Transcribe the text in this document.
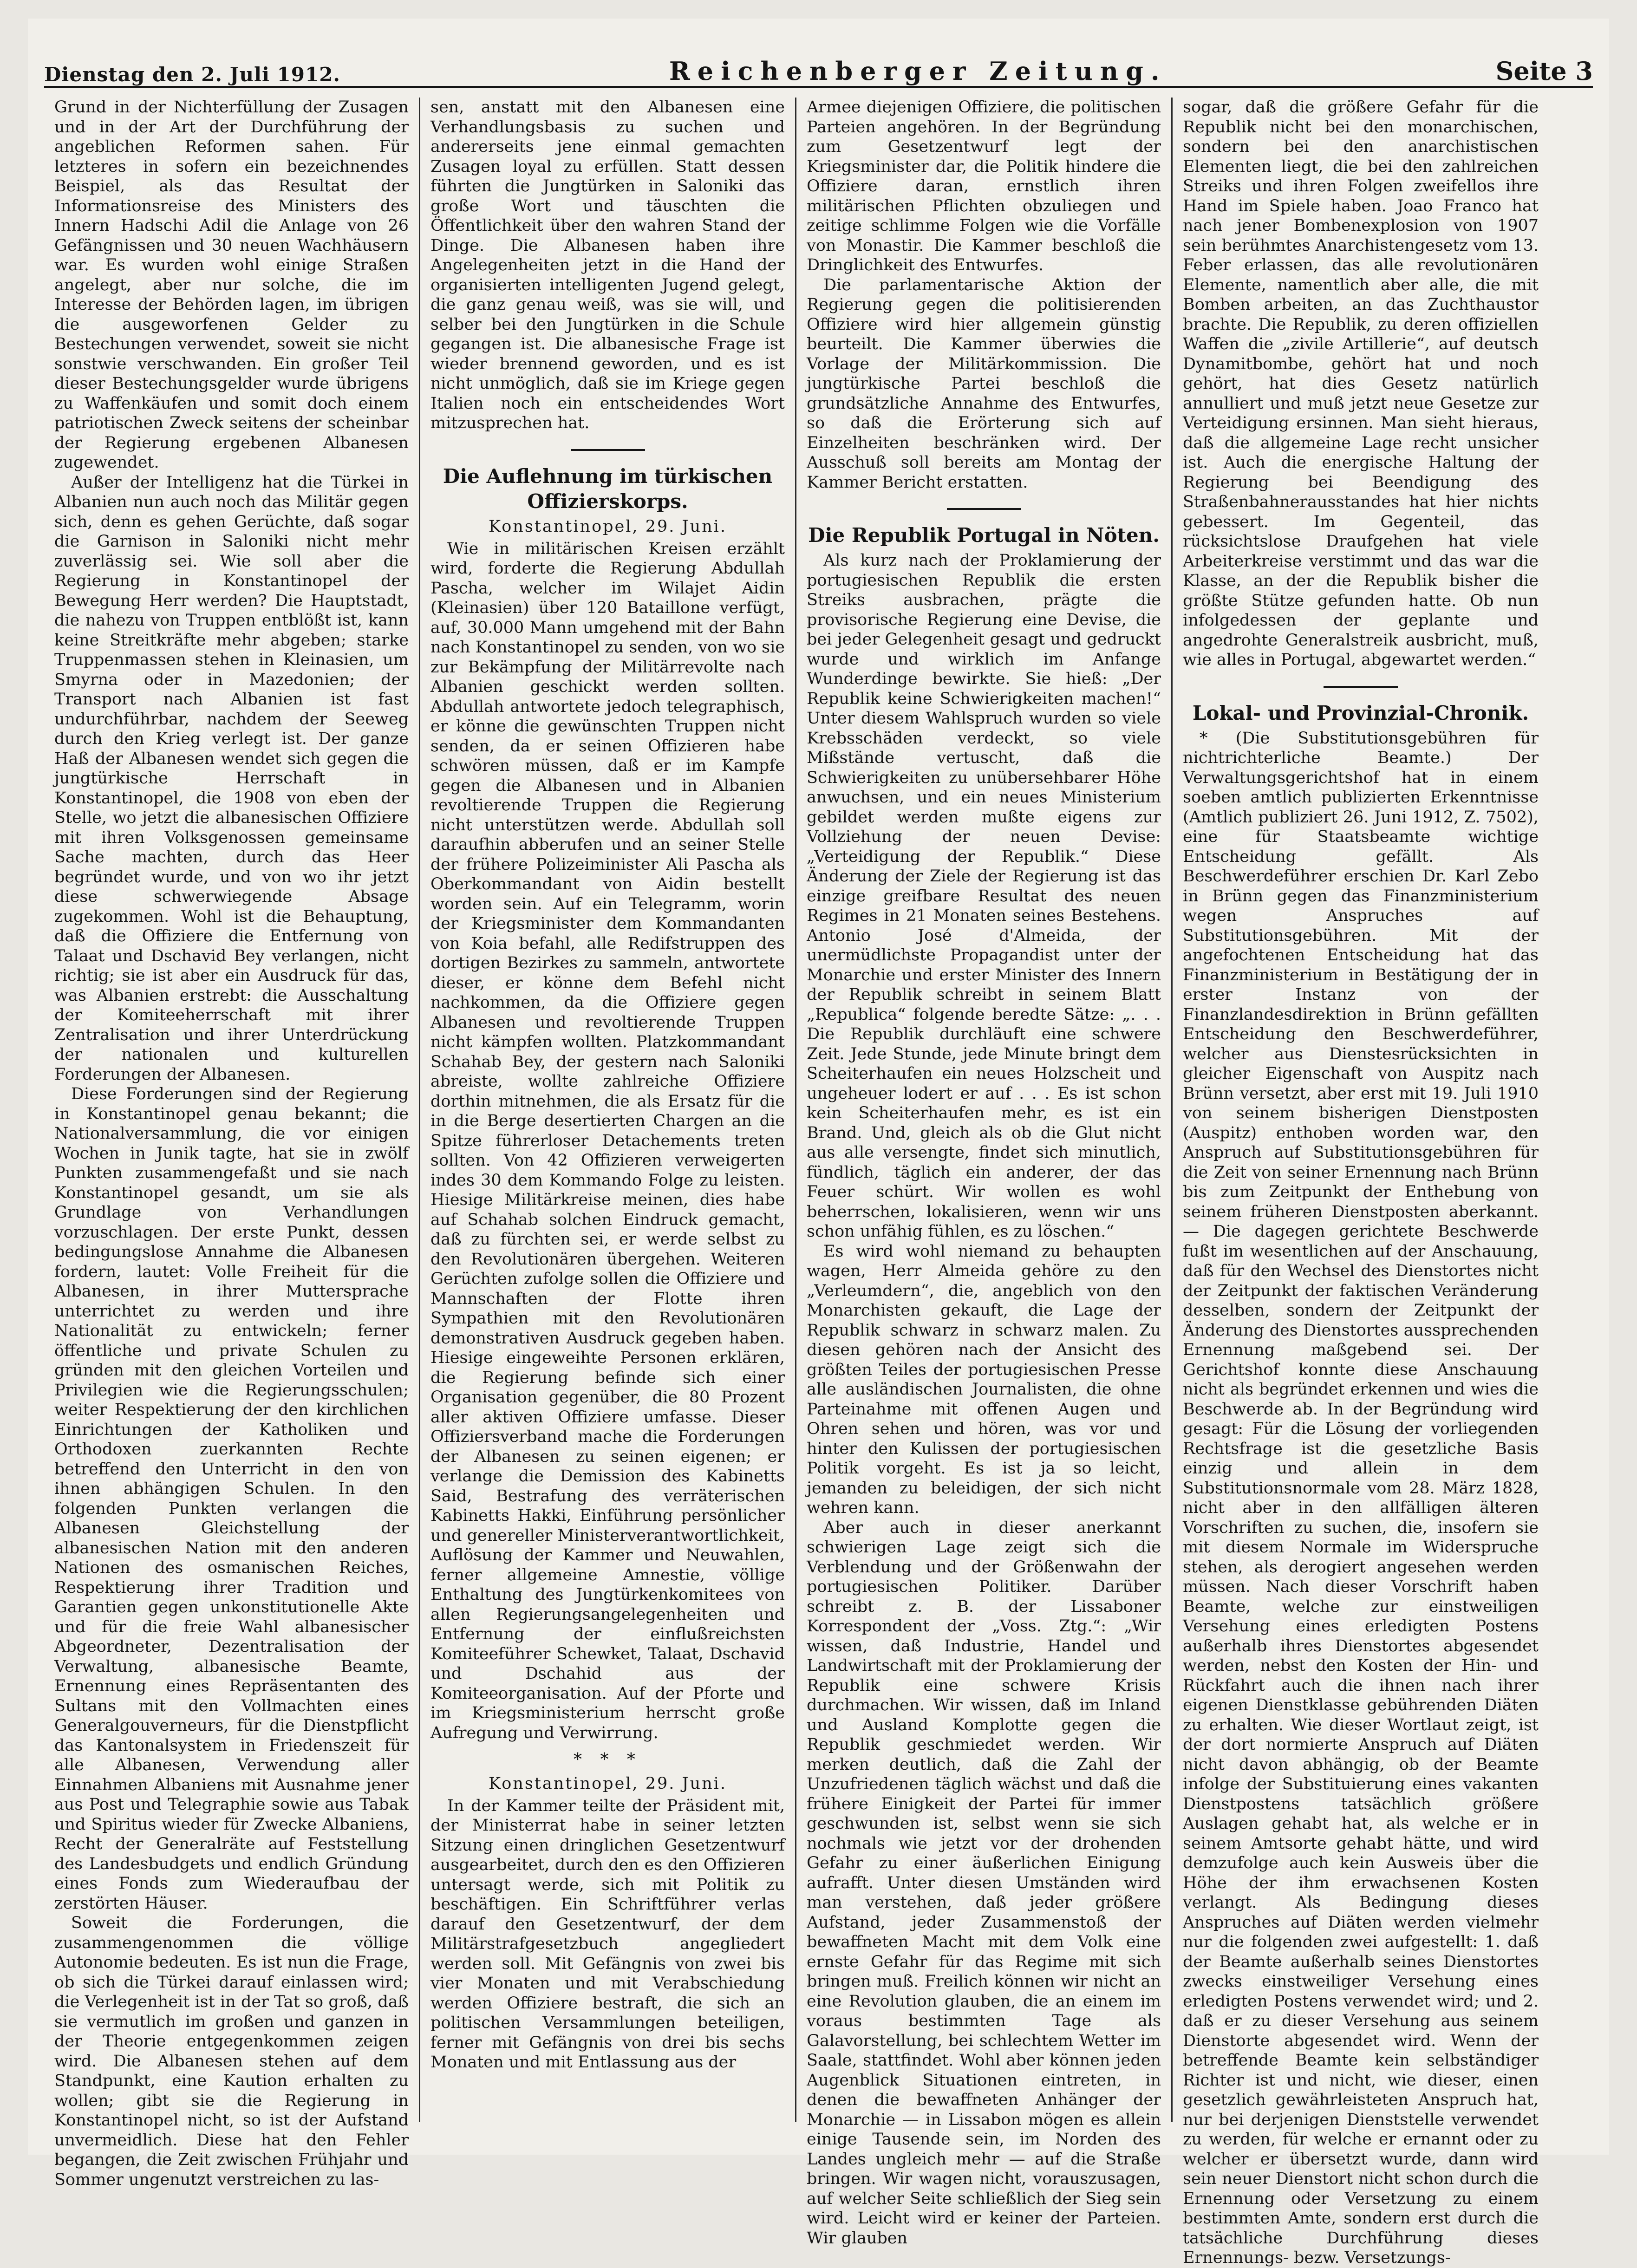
Dienstag den 2. Juli 1912.	Reichenberger Zeitung.	Seite 3

Grund in der Nichterfüllung der Zusagen und in der Art der Durchführung der angeblichen Reformen sahen. Für letzteres in sofern ein bezeichnendes Beispiel, als das Resultat der Informationsreise des Ministers des Innern Hadschi Adil die Anlage von 26 Gefängnissen und 30 neuen Wachhäusern war. Es wurden wohl einige Straßen angelegt, aber nur solche, die im Interesse der Behörden lagen, im übrigen die ausgeworfenen Gelder zu Bestechungen verwendet, soweit sie nicht sonstwie verschwanden. Ein großer Teil dieser Bestechungsgelder wurde übrigens zu Waffenkäufen und somit doch einem patriotischen Zweck seitens der scheinbar der Regierung ergebenen Albanesen zugewendet.

Außer der Intelligenz hat die Türkei in Albanien nun auch noch das Militär gegen sich, denn es gehen Gerüchte, daß sogar die Garnison in Saloniki nicht mehr zuverlässig sei. Wie soll aber die Regierung in Konstantinopel der Bewegung Herr werden? Die Hauptstadt, die nahezu von Truppen entblößt ist, kann keine Streitkräfte mehr abgeben; starke Truppenmassen stehen in Kleinasien, um Smyrna oder in Mazedonien; der Transport nach Albanien ist fast undurchführbar, nachdem der Seeweg durch den Krieg verlegt ist. Der ganze Haß der Albanesen wendet sich gegen die jungtürkische Herrschaft in Konstantinopel, die 1908 von eben der Stelle, wo jetzt die albanesischen Offiziere mit ihren Volksgenossen gemeinsame Sache machten, durch das Heer begründet wurde, und von wo ihr jetzt diese schwerwiegende Absage zugekommen. Wohl ist die Behauptung, daß die Offiziere die Entfernung von Talaat und Dschavid Bey verlangen, nicht richtig; sie ist aber ein Ausdruck für das, was Albanien erstrebt: die Ausschaltung der Komiteeherrschaft mit ihrer Zentralisation und ihrer Unterdrückung der nationalen und kulturellen Forderungen der Albanesen.

Diese Forderungen sind der Regierung in Konstantinopel genau bekannt; die Nationalversammlung, die vor einigen Wochen in Junik tagte, hat sie in zwölf Punkten zusammengefaßt und sie nach Konstantinopel gesandt, um sie als Grundlage von Verhandlungen vorzuschlagen. Der erste Punkt, dessen bedingungslose Annahme die Albanesen fordern, lautet: Volle Freiheit für die Albanesen, in ihrer Muttersprache unterrichtet zu werden und ihre Nationalität zu entwickeln; ferner öffentliche und private Schulen zu gründen mit den gleichen Vorteilen und Privilegien wie die Regierungsschulen; weiter Respektierung der den kirchlichen Einrichtungen der Katholiken und Orthodoxen zuerkannten Rechte betreffend den Unterricht in den von ihnen abhängigen Schulen. In den folgenden Punkten verlangen die Albanesen Gleichstellung der albanesischen Nation mit den anderen Nationen des osmanischen Reiches, Respektierung ihrer Tradition und Garantien gegen unkonstitutionelle Akte und für die freie Wahl albanesischer Abgeordneter, Dezentralisation der Verwaltung, albanesische Beamte, Ernennung eines Repräsentanten des Sultans mit den Vollmachten eines Generalgouverneurs, für die Dienstpflicht das Kantonalsystem in Friedenszeit für alle Albanesen, Verwendung aller Einnahmen Albaniens mit Ausnahme jener aus Post und Telegraphie sowie aus Tabak und Spiritus wieder für Zwecke Albaniens, Recht der Generalräte auf Feststellung des Landesbudgets und endlich Gründung eines Fonds zum Wiederaufbau der zerstörten Häuser.

Soweit die Forderungen, die zusammengenommen die völlige Autonomie bedeuten. Es ist nun die Frage, ob sich die Türkei darauf einlassen wird; die Verlegenheit ist in der Tat so groß, daß sie vermutlich im großen und ganzen in der Theorie entgegenkommen zeigen wird. Die Albanesen stehen auf dem Standpunkt, eine Kaution erhalten zu wollen; gibt sie die Regierung in Konstantinopel nicht, so ist der Aufstand unvermeidlich. Diese hat den Fehler begangen, die Zeit zwischen Frühjahr und Sommer ungenutzt verstreichen zu las-

sen, anstatt mit den Albanesen eine Verhandlungsbasis zu suchen und andererseits jene einmal gemachten Zusagen loyal zu erfüllen. Statt dessen führten die Jungtürken in Saloniki das große Wort und täuschten die Öffentlichkeit über den wahren Stand der Dinge. Die Albanesen haben ihre Angelegenheiten jetzt in die Hand der organisierten intelligenten Jugend gelegt, die ganz genau weiß, was sie will, und selber bei den Jungtürken in die Schule gegangen ist. Die albanesische Frage ist wieder brennend geworden, und es ist nicht unmöglich, daß sie im Kriege gegen Italien noch ein entscheidendes Wort mitzusprechen hat.

Die Auflehnung im türkischen Offizierskorps.
Konstantinopel, 29. Juni.

Wie in militärischen Kreisen erzählt wird, forderte die Regierung Abdullah Pascha, welcher im Wilajet Aidin (Kleinasien) über 120 Bataillone verfügt, auf, 30.000 Mann umgehend mit der Bahn nach Konstantinopel zu senden, von wo sie zur Bekämpfung der Militärrevolte nach Albanien geschickt werden sollten. Abdullah antwortete jedoch telegraphisch, er könne die gewünschten Truppen nicht senden, da er seinen Offizieren habe schwören müssen, daß er im Kampfe gegen die Albanesen und in Albanien revoltierende Truppen die Regierung nicht unterstützen werde. Abdullah soll daraufhin abberufen und an seiner Stelle der frühere Polizeiminister Ali Pascha als Oberkommandant von Aidin bestellt worden sein. Auf ein Telegramm, worin der Kriegsminister dem Kommandanten von Koia befahl, alle Redifstruppen des dortigen Bezirkes zu sammeln, antwortete dieser, er könne dem Befehl nicht nachkommen, da die Offiziere gegen Albanesen und revoltierende Truppen nicht kämpfen wollten. Platzkommandant Schahab Bey, der gestern nach Saloniki abreiste, wollte zahlreiche Offiziere dorthin mitnehmen, die als Ersatz für die in die Berge desertierten Chargen an die Spitze führerloser Detachements treten sollten. Von 42 Offizieren verweigerten indes 30 dem Kommando Folge zu leisten. Hiesige Militärkreise meinen, dies habe auf Schahab solchen Eindruck gemacht, daß zu fürchten sei, er werde selbst zu den Revolutionären übergehen. Weiteren Gerüchten zufolge sollen die Offiziere und Mannschaften der Flotte ihren Sympathien mit den Revolutionären demonstrativen Ausdruck gegeben haben. Hiesige eingeweihte Personen erklären, die Regierung befinde sich einer Organisation gegenüber, die 80 Prozent aller aktiven Offiziere umfasse. Dieser Offiziersverband mache die Forderungen der Albanesen zu seinen eigenen; er verlange die Demission des Kabinetts Said, Bestrafung des verräterischen Kabinetts Hakki, Einführung persönlicher und genereller Ministerverantwortlichkeit, Auflösung der Kammer und Neuwahlen, ferner allgemeine Amnestie, völlige Enthaltung des Jungtürkenkomitees von allen Regierungsangelegenheiten und Entfernung der einflußreichsten Komiteeführer Schewket, Talaat, Dschavid und Dschahid aus der Komiteeorganisation. Auf der Pforte und im Kriegsministerium herrscht große Aufregung und Verwirrung.

* * *
Konstantinopel, 29. Juni.

In der Kammer teilte der Präsident mit, der Ministerrat habe in seiner letzten Sitzung einen dringlichen Gesetzentwurf ausgearbeitet, durch den es den Offizieren untersagt werde, sich mit Politik zu beschäftigen. Ein Schriftführer verlas darauf den Gesetzentwurf, der dem Militärstrafgesetzbuch angegliedert werden soll. Mit Gefängnis von zwei bis vier Monaten und mit Verabschiedung werden Offiziere bestraft, die sich an politischen Versammlungen beteiligen, ferner mit Gefängnis von drei bis sechs Monaten und mit Entlassung aus der

Armee diejenigen Offiziere, die politischen Parteien angehören. In der Begründung zum Gesetzentwurf legt der Kriegsminister dar, die Politik hindere die Offiziere daran, ernstlich ihren militärischen Pflichten obzuliegen und zeitige schlimme Folgen wie die Vorfälle von Monastir. Die Kammer beschloß die Dringlichkeit des Entwurfes.

Die parlamentarische Aktion der Regierung gegen die politisierenden Offiziere wird hier allgemein günstig beurteilt. Die Kammer überwies die Vorlage der Militärkommission. Die jungtürkische Partei beschloß die grundsätzliche Annahme des Entwurfes, so daß die Erörterung sich auf Einzelheiten beschränken wird. Der Ausschuß soll bereits am Montag der Kammer Bericht erstatten.

Die Republik Portugal in Nöten.

Als kurz nach der Proklamierung der portugiesischen Republik die ersten Streiks ausbrachen, prägte die provisorische Regierung eine Devise, die bei jeder Gelegenheit gesagt und gedruckt wurde und wirklich im Anfange Wunderdinge bewirkte. Sie hieß: „Der Republik keine Schwierigkeiten machen!“ Unter diesem Wahlspruch wurden so viele Krebsschäden verdeckt, so viele Mißstände vertuscht, daß die Schwierigkeiten zu unübersehbarer Höhe anwuchsen, und ein neues Ministerium gebildet werden mußte eigens zur Vollziehung der neuen Devise: „Verteidigung der Republik.“ Diese Änderung der Ziele der Regierung ist das einzige greifbare Resultat des neuen Regimes in 21 Monaten seines Bestehens. Antonio José d'Almeida, der unermüdlichste Propagandist unter der Monarchie und erster Minister des Innern der Republik schreibt in seinem Blatt „Republica“ folgende beredte Sätze: „. . . Die Republik durchläuft eine schwere Zeit. Jede Stunde, jede Minute bringt dem Scheiterhaufen ein neues Holzscheit und ungeheuer lodert er auf . . . Es ist schon kein Scheiterhaufen mehr, es ist ein Brand. Und, gleich als ob die Glut nicht aus alle versengte, findet sich minutlich, fündlich, täglich ein anderer, der das Feuer schürt. Wir wollen es wohl beherrschen, lokalisieren, wenn wir uns schon unfähig fühlen, es zu löschen.“

Es wird wohl niemand zu behaupten wagen, Herr Almeida gehöre zu den „Verleumdern“, die, angeblich von den Monarchisten gekauft, die Lage der Republik schwarz in schwarz malen. Zu diesen gehören nach der Ansicht des größten Teiles der portugiesischen Presse alle ausländischen Journalisten, die ohne Parteinahme mit offenen Augen und Ohren sehen und hören, was vor und hinter den Kulissen der portugiesischen Politik vorgeht. Es ist ja so leicht, jemanden zu beleidigen, der sich nicht wehren kann.

Aber auch in dieser anerkannt schwierigen Lage zeigt sich die Verblendung und der Größenwahn der portugiesischen Politiker. Darüber schreibt z. B. der Lissaboner Korrespondent der „Voss. Ztg.“: „Wir wissen, daß Industrie, Handel und Landwirtschaft mit der Proklamierung der Republik eine schwere Krisis durchmachen. Wir wissen, daß im Inland und Ausland Komplotte gegen die Republik geschmiedet werden. Wir merken deutlich, daß die Zahl der Unzufriedenen täglich wächst und daß die frühere Einigkeit der Partei für immer geschwunden ist, selbst wenn sie sich nochmals wie jetzt vor der drohenden Gefahr zu einer äußerlichen Einigung aufrafft. Unter diesen Umständen wird man verstehen, daß jeder größere Aufstand, jeder Zusammenstoß der bewaffneten Macht mit dem Volk eine ernste Gefahr für das Regime mit sich bringen muß. Freilich können wir nicht an eine Revolution glauben, die an einem im voraus bestimmten Tage als Galavorstellung, bei schlechtem Wetter im Saale, stattfindet. Wohl aber können jeden Augenblick Situationen eintreten, in denen die bewaffneten Anhänger der Monarchie — in Lissabon mögen es allein einige Tausende sein, im Norden des Landes ungleich mehr — auf die Straße bringen. Wir wagen nicht, vorauszusagen, auf welcher Seite schließlich der Sieg sein wird. Leicht wird er keiner der Parteien. Wir glauben

sogar, daß die größere Gefahr für die Republik nicht bei den monarchischen, sondern bei den anarchistischen Elementen liegt, die bei den zahlreichen Streiks und ihren Folgen zweifellos ihre Hand im Spiele haben. Joao Franco hat nach jener Bombenexplosion von 1907 sein berühmtes Anarchistengesetz vom 13. Feber erlassen, das alle revolutionären Elemente, namentlich aber alle, die mit Bomben arbeiten, an das Zuchthaustor brachte. Die Republik, zu deren offiziellen Waffen die „zivile Artillerie“, auf deutsch Dynamitbombe, gehört hat und noch gehört, hat dies Gesetz natürlich annulliert und muß jetzt neue Gesetze zur Verteidigung ersinnen. Man sieht hieraus, daß die allgemeine Lage recht unsicher ist. Auch die energische Haltung der Regierung bei Beendigung des Straßenbahnerausstandes hat hier nichts gebessert. Im Gegenteil, das rücksichtslose Draufgehen hat viele Arbeiterkreise verstimmt und das war die Klasse, an der die Republik bisher die größte Stütze gefunden hatte. Ob nun infolgedessen der geplante und angedrohte Generalstreik ausbricht, muß, wie alles in Portugal, abgewartet werden.“

Lokal- und Provinzial-Chronik.

* (Die Substitutionsgebühren für nichtrichterliche Beamte.) Der Verwaltungsgerichtshof hat in einem soeben amtlich publizierten Erkenntnisse (Amtlich publiziert 26. Juni 1912, Z. 7502), eine für Staatsbeamte wichtige Entscheidung gefällt. Als Beschwerdeführer erschien Dr. Karl Zebo in Brünn gegen das Finanzministerium wegen Anspruches auf Substitutionsgebühren. Mit der angefochtenen Entscheidung hat das Finanzministerium in Bestätigung der in erster Instanz von der Finanzlandesdirektion in Brünn gefällten Entscheidung den Beschwerdeführer, welcher aus Dienstesrücksichten in gleicher Eigenschaft von Auspitz nach Brünn versetzt, aber erst mit 19. Juli 1910 von seinem bisherigen Dienstposten (Auspitz) enthoben worden war, den Anspruch auf Substitutionsgebühren für die Zeit von seiner Ernennung nach Brünn bis zum Zeitpunkt der Enthebung von seinem früheren Dienstposten aberkannt. — Die dagegen gerichtete Beschwerde fußt im wesentlichen auf der Anschauung, daß für den Wechsel des Dienstortes nicht der Zeitpunkt der faktischen Veränderung desselben, sondern der Zeitpunkt der Änderung des Dienstortes aussprechenden Ernennung maßgebend sei. Der Gerichtshof konnte diese Anschauung nicht als begründet erkennen und wies die Beschwerde ab. In der Begründung wird gesagt: Für die Lösung der vorliegenden Rechtsfrage ist die gesetzliche Basis einzig und allein in dem Substitutionsnormale vom 28. März 1828, nicht aber in den allfälligen älteren Vorschriften zu suchen, die, insofern sie mit diesem Normale im Widerspruche stehen, als derogiert angesehen werden müssen. Nach dieser Vorschrift haben Beamte, welche zur einstweiligen Versehung eines erledigten Postens außerhalb ihres Dienstortes abgesendet werden, nebst den Kosten der Hin- und Rückfahrt auch die ihnen nach ihrer eigenen Dienstklasse gebührenden Diäten zu erhalten. Wie dieser Wortlaut zeigt, ist der dort normierte Anspruch auf Diäten nicht davon abhängig, ob der Beamte infolge der Substituierung eines vakanten Dienstpostens tatsächlich größere Auslagen gehabt hat, als welche er in seinem Amtsorte gehabt hätte, und wird demzufolge auch kein Ausweis über die Höhe der ihm erwachsenen Kosten verlangt. Als Bedingung dieses Anspruches auf Diäten werden vielmehr nur die folgenden zwei aufgestellt: 1. daß der Beamte außerhalb seines Dienstortes zwecks einstweiliger Versehung eines erledigten Postens verwendet wird; und 2. daß er zu dieser Versehung aus seinem Dienstorte abgesendet wird. Wenn der betreffende Beamte kein selbständiger Richter ist und nicht, wie dieser, einen gesetzlich gewährleisteten Anspruch hat, nur bei derjenigen Dienststelle verwendet zu werden, für welche er ernannt oder zu welcher er übersetzt wurde, dann wird sein neuer Dienstort nicht schon durch die Ernennung oder Versetzung zu einem bestimmten Amte, sondern erst durch die tatsächliche Durchführung dieses Ernennungs- bezw. Versetzungs-
